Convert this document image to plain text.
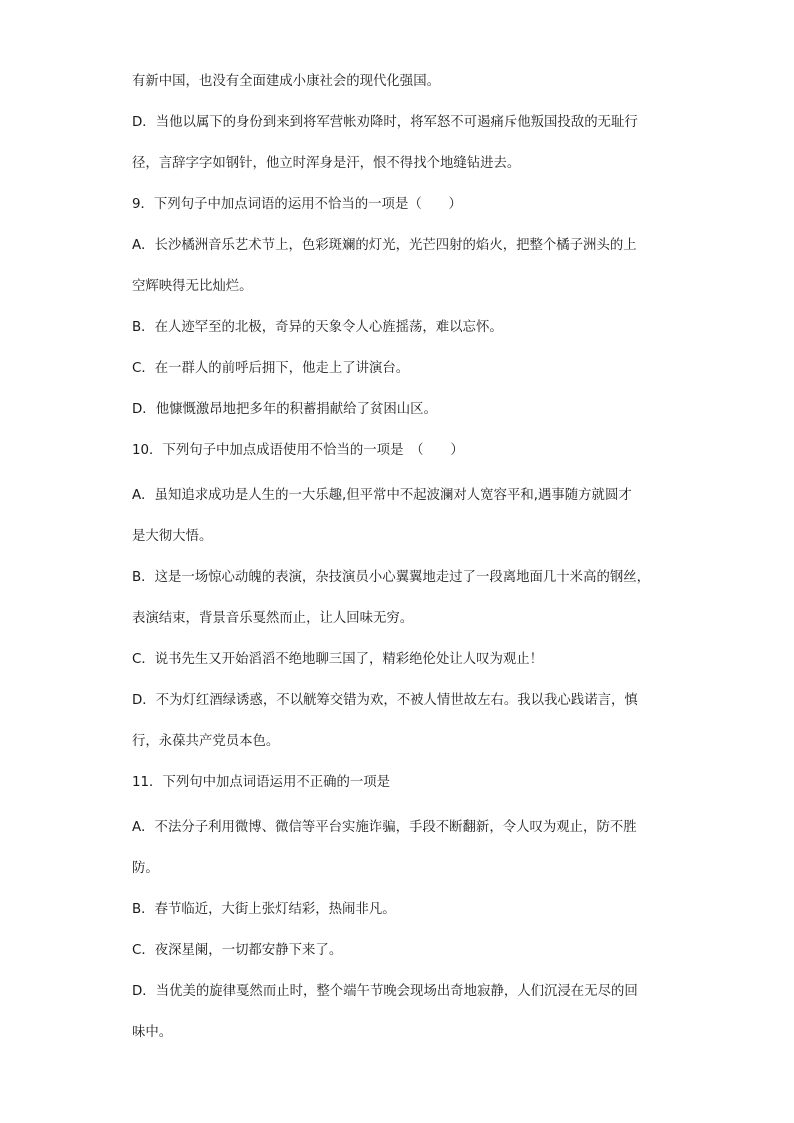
有新中国，也没有全面建成小康社会的现代化强国。
D．当他以属下的身份到来到将军营帐劝降时，将军怒不可遏痛斥他叛国投敌的无耻行
径，言辞字字如钢针，他立时浑身是汗，恨不得找个地缝钻进去。
9．下列句子中加点词语的运用不恰当的一项是（　　）
A．长沙橘洲音乐艺术节上，色彩斑斓的灯光，光芒四射的焰火，把整个橘子洲头的上
空辉映得无比灿烂。
B．在人迹罕至的北极，奇异的天象令人心旌摇荡，难以忘怀。
C．在一群人的前呼后拥下，他走上了讲演台。
D．他慷慨激昂地把多年的积蓄捐献给了贫困山区。
10．下列句子中加点成语使用不恰当的一项是　（　　）
A．虽知追求成功是人生的一大乐趣,但平常中不起波澜对人宽容平和,遇事随方就圆才
是大彻大悟。
B．这是一场惊心动魄的表演，杂技演员小心翼翼地走过了一段离地面几十米高的钢丝，
表演结束，背景音乐戛然而止，让人回味无穷。
C．说书先生又开始滔滔不绝地聊三国了，精彩绝伦处让人叹为观止！
D．不为灯红酒绿诱惑，不以觥筹交错为欢，不被人情世故左右。我以我心践诺言，慎
行，永葆共产党员本色。
11．下列句中加点词语运用不正确的一项是
A．不法分子利用微博、微信等平台实施诈骗，手段不断翻新，令人叹为观止，防不胜
防。
B．春节临近，大街上张灯结彩，热闹非凡。
C．夜深星阑，一切都安静下来了。
D．当优美的旋律戛然而止时，整个端午节晚会现场出奇地寂静，人们沉浸在无尽的回
味中。
